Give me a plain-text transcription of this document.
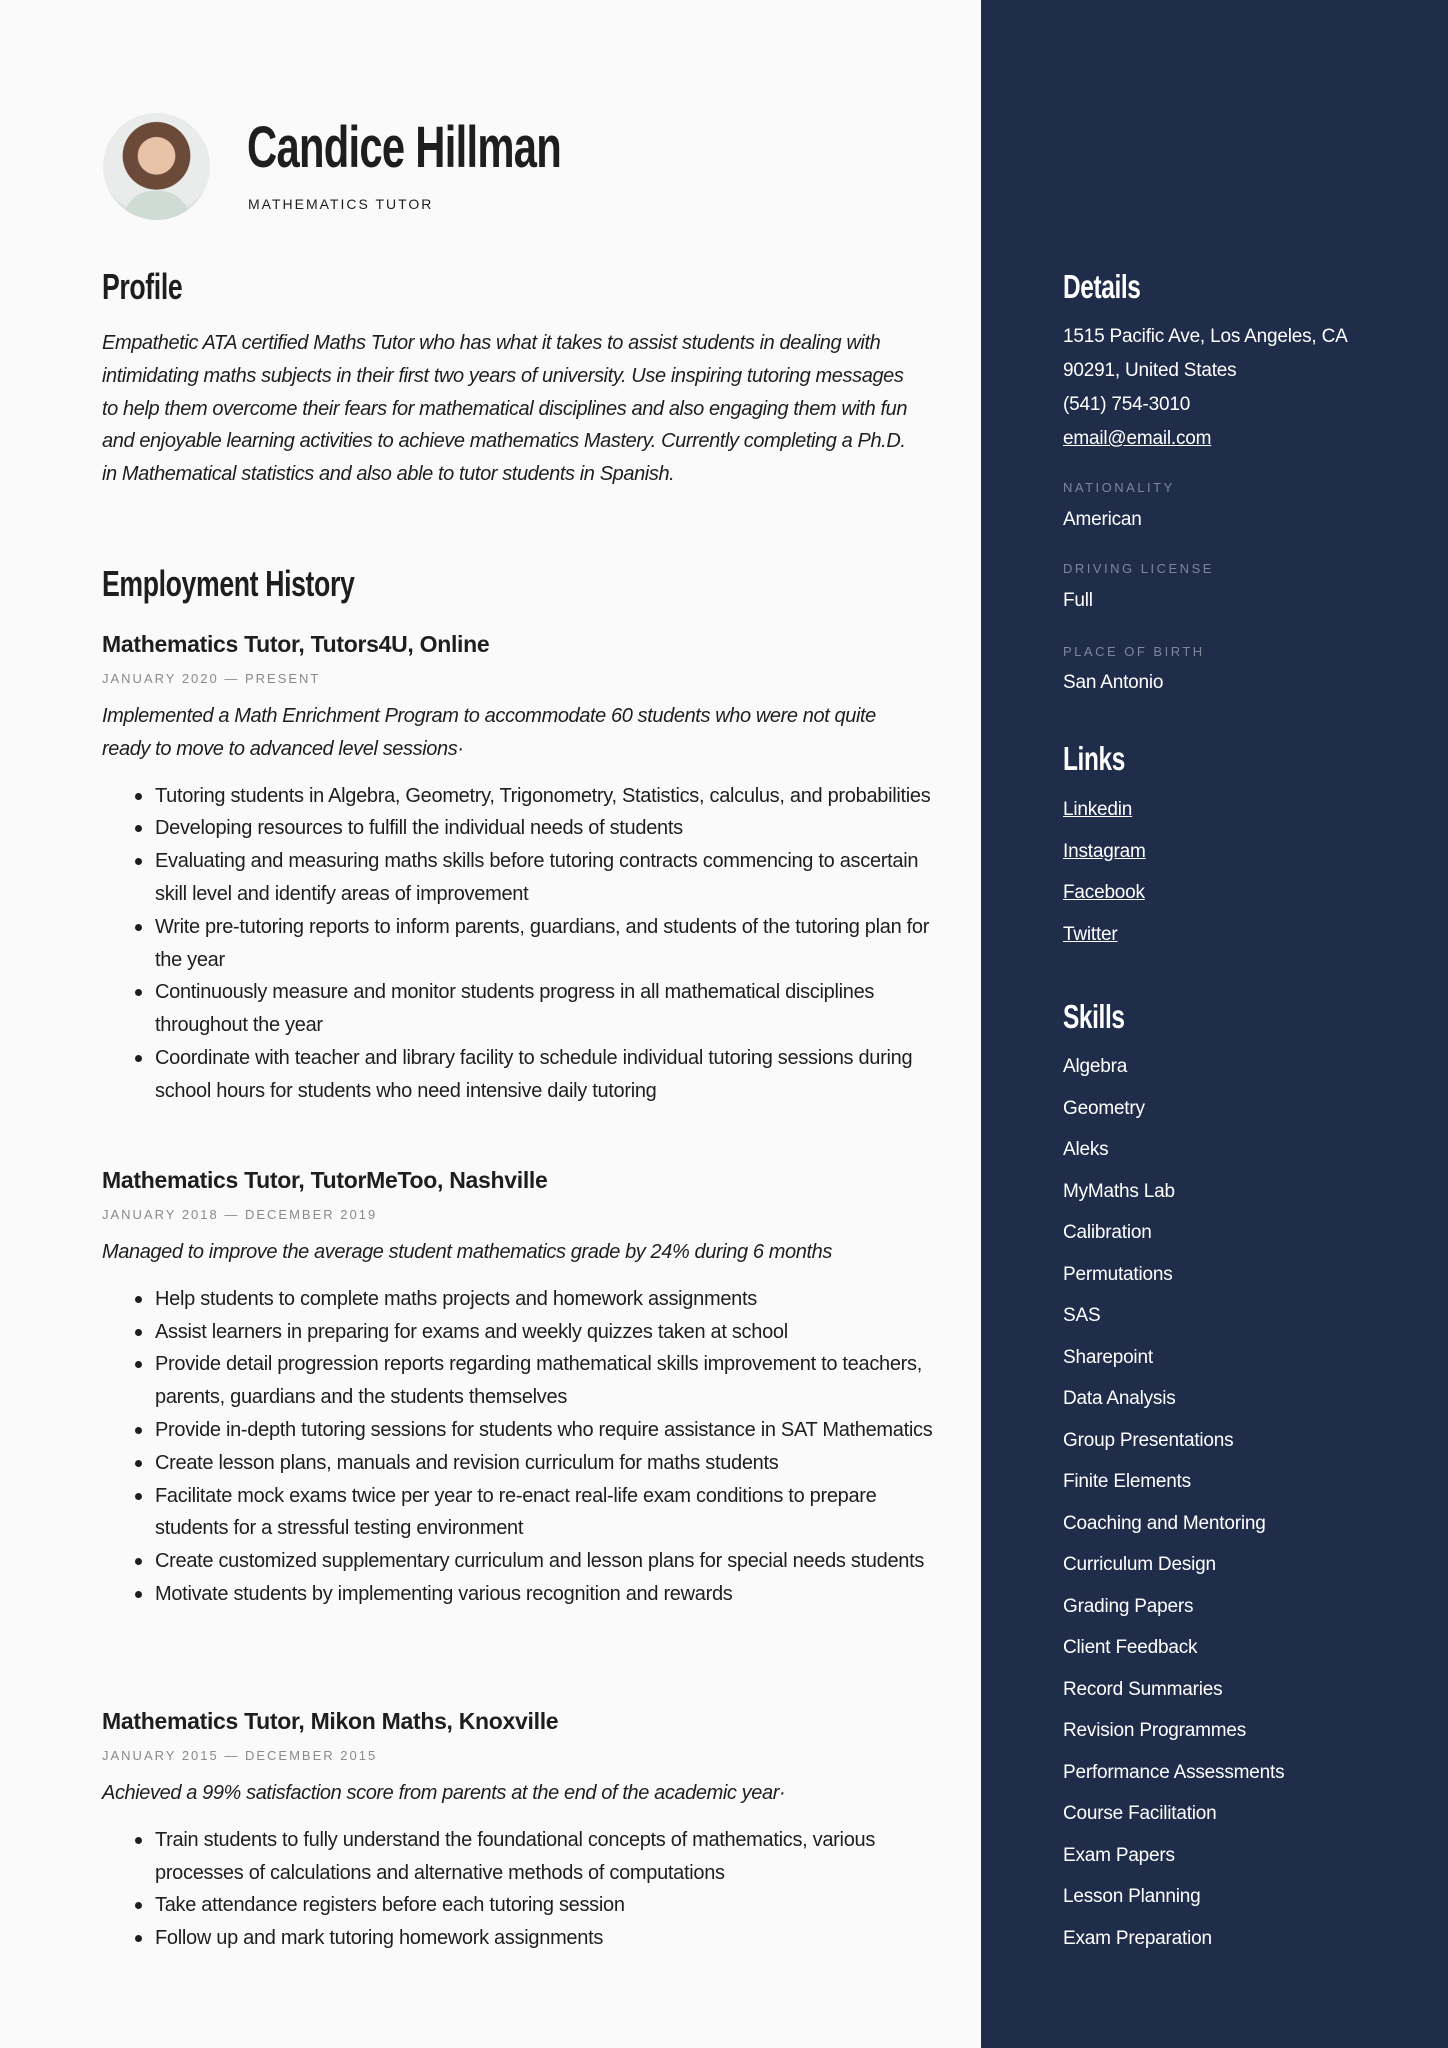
Candice Hillman
MATHEMATICS TUTOR
Profile
Empathetic ATA certified Maths Tutor who has what it takes to assist students in dealing with intimidating maths subjects in their first two years of university. Use inspiring tutoring messages to help them overcome their fears for mathematical disciplines and also engaging them with fun and enjoyable learning activities to achieve mathematics Mastery. Currently completing a Ph.D. in Mathematical statistics and also able to tutor students in Spanish.
Employment History
Mathematics Tutor, Tutors4U, Online
JANUARY 2020 — PRESENT
Implemented a Math Enrichment Program to accommodate 60 students who were not quite ready to move to advanced level sessions·
Tutoring students in Algebra, Geometry, Trigonometry, Statistics, calculus, and probabilities
Developing resources to fulfill the individual needs of students
Evaluating and measuring maths skills before tutoring contracts commencing to ascertain skill level and identify areas of improvement
Write pre-tutoring reports to inform parents, guardians, and students of the tutoring plan for the year
Continuously measure and monitor students progress in all mathematical disciplines throughout the year
Coordinate with teacher and library facility to schedule individual tutoring sessions during school hours for students who need intensive daily tutoring
Mathematics Tutor, TutorMeToo, Nashville
JANUARY 2018 — DECEMBER 2019
Managed to improve the average student mathematics grade by 24% during 6 months
Help students to complete maths projects and homework assignments
Assist learners in preparing for exams and weekly quizzes taken at school
Provide detail progression reports regarding mathematical skills improvement to teachers, parents, guardians and the students themselves
Provide in-depth tutoring sessions for students who require assistance in SAT Mathematics
Create lesson plans, manuals and revision curriculum for maths students
Facilitate mock exams twice per year to re-enact real-life exam conditions to prepare students for a stressful testing environment
Create customized supplementary curriculum and lesson plans for special needs students
Motivate students by implementing various recognition and rewards
Mathematics Tutor, Mikon Maths, Knoxville
JANUARY 2015 — DECEMBER 2015
Achieved a 99% satisfaction score from parents at the end of the academic year·
Train students to fully understand the foundational concepts of mathematics, various processes of calculations and alternative methods of computations
Take attendance registers before each tutoring session
Follow up and mark tutoring homework assignments
Details
1515 Pacific Ave, Los Angeles, CA
90291, United States
(541) 754-3010
email@email.com
NATIONALITY
American
DRIVING LICENSE
Full
PLACE OF BIRTH
San Antonio
Links
Linkedin
Instagram
Facebook
Twitter
Skills
Algebra
Geometry
Aleks
MyMaths Lab
Calibration
Permutations
SAS
Sharepoint
Data Analysis
Group Presentations
Finite Elements
Coaching and Mentoring
Curriculum Design
Grading Papers
Client Feedback
Record Summaries
Revision Programmes
Performance Assessments
Course Facilitation
Exam Papers
Lesson Planning
Exam Preparation
